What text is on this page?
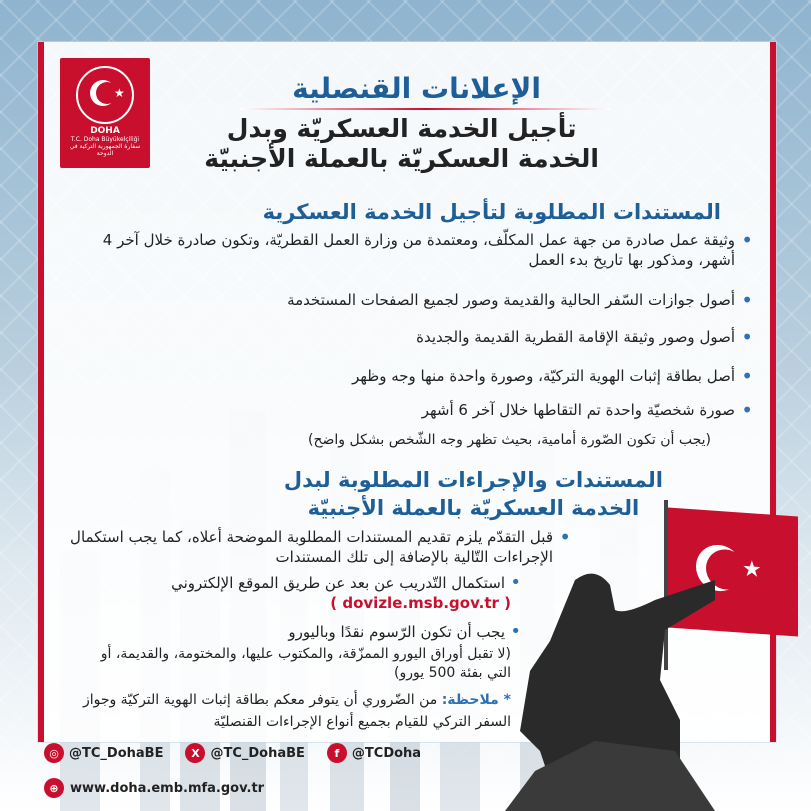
★
DOHA
T.C. Doha Büyükelçiliği
سفارة الجمهورية التركية في الدوحة
الإعلانات القنصلية
تأجيل الخدمة العسكريّة وبدل
الخدمة العسكريّة بالعملة الأجنبيّة
المستندات المطلوبة لتأجيل الخدمة العسكرية
• وثيقة عمل صادرة من جهة عمل المكلّف، ومعتمدة من وزارة العمل القطريّة، وتكون صادرة خلال آخر 4 أشهر، ومذكور بها تاريخ بدء العمل
• أصول جوازات السّفر الحالية والقديمة وصور لجميع الصفحات المستخدمة
• أصول وصور وثيقة الإقامة القطرية القديمة والجديدة
• أصل بطاقة إثبات الهوية التركيّة، وصورة واحدة منها وجه وظهر
• صورة شخصيّة واحدة تم التقاطها خلال آخر 6 أشهر
(يجب أن تكون الصّورة أمامية، بحيث تظهر وجه الشّخص بشكل واضح)
المستندات والإجراءات المطلوبة لبدل
الخدمة العسكريّة بالعملة الأجنبيّة
• قبل التقدّم يلزم تقديم المستندات المطلوبة الموضحة أعلاه، كما يجب استكمال الإجراءات التّالية بالإضافة إلى تلك المستندات
• استكمال التّدريب عن بعد عن طريق الموقع الإلكتروني
( dovizle.msb.gov.tr )
• يجب أن تكون الرّسوم نقدًا وباليورو
(لا تقبل أوراق اليورو الممزّقة، والمكتوب عليها، والمختومة، والقديمة، أو التي بفئة 500 يورو)
* ملاحظة: من الضّروري أن يتوفر معكم بطاقة إثبات الهوية التركيّة وجواز
السفر التركي للقيام بجميع أنواع الإجراءات القنصليّة
★
◎ @TC_DohaBE	X @TC_DohaBE	f @TCDoha
⊕ www.doha.emb.mfa.gov.tr
